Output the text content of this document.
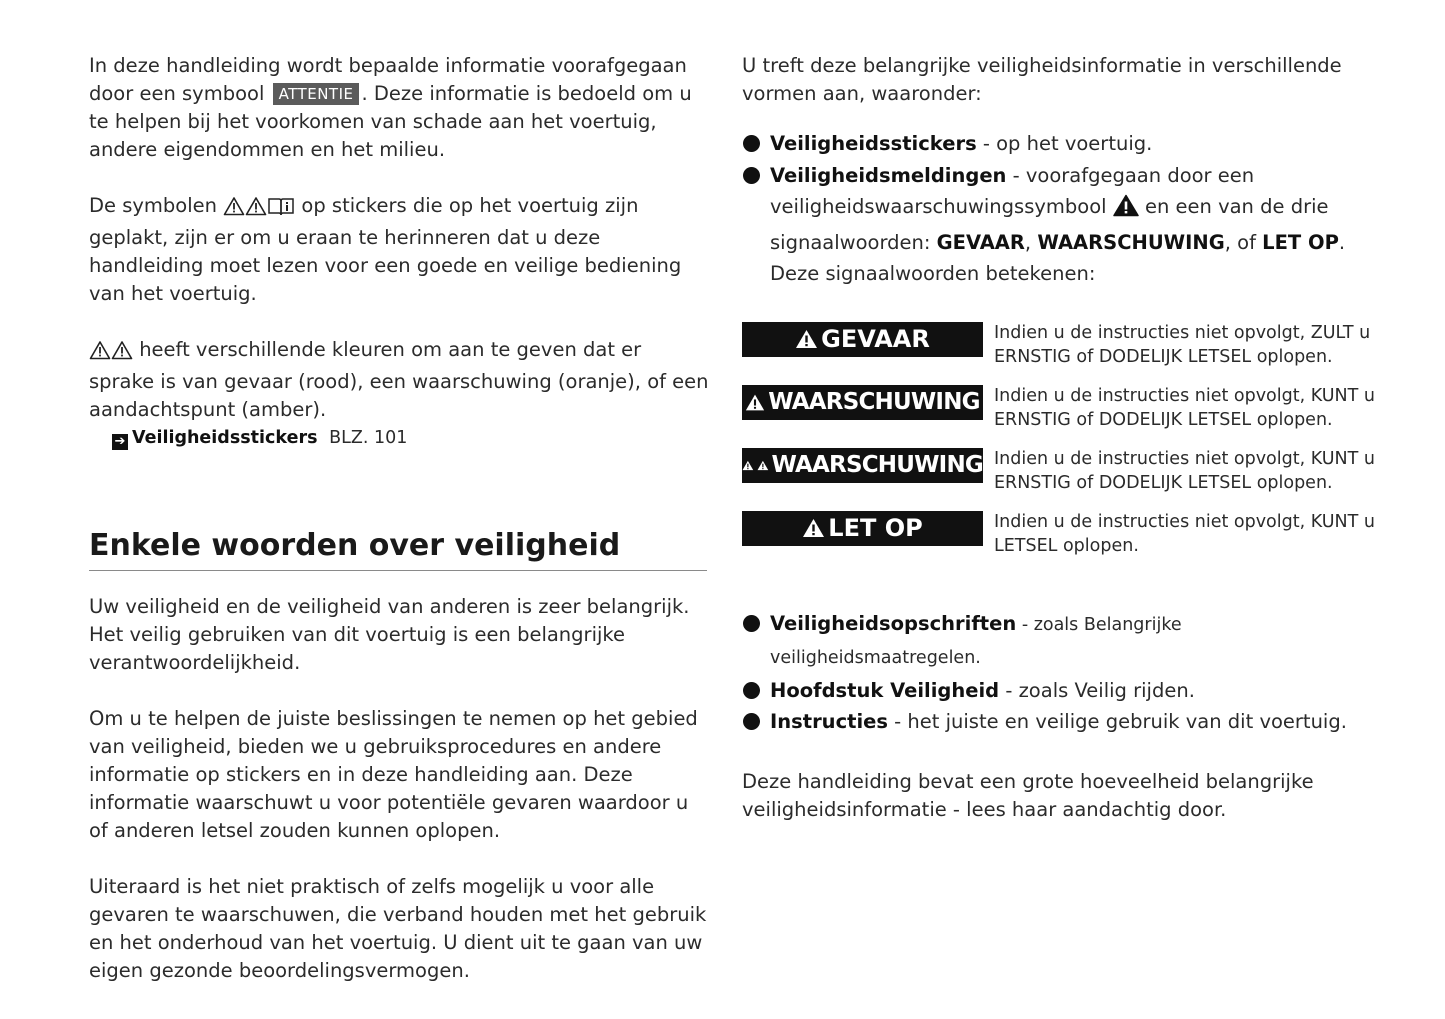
In deze handleiding wordt bepaalde informatie voorafgegaan door een symbool ATTENTIE . Deze informatie is bedoeld om u te helpen bij het voorkomen van schade aan het voertuig, andere eigendommen en het milieu.

De symbolen	op stickers die op het voertuig zijn geplakt, zijn er om u eraan te herinneren dat u deze handleiding moet lezen voor een goede en veilige bediening van het voertuig.

heeft verschillende kleuren om aan te geven dat er sprake is van gevaar (rood), een waarschuwing (oranje), of een aandachtspunt (amber).

➔ Veiligheidsstickers BLZ. 101
Enkele woorden over veiligheid

Uw veiligheid en de veiligheid van anderen is zeer belangrijk. Het veilig gebruiken van dit voertuig is een belangrijke verantwoordelijkheid.

Om u te helpen de juiste beslissingen te nemen op het gebied van veiligheid, bieden we u gebruiksprocedures en andere informatie op stickers en in deze handleiding aan. Deze informatie waarschuwt u voor potentiële gevaren waardoor u of anderen letsel zouden kunnen oplopen.

Uiteraard is het niet praktisch of zelfs mogelijk u voor alle gevaren te waarschuwen, die verband houden met het gebruik en het onderhoud van het voertuig. U dient uit te gaan van uw eigen gezonde beoordelingsvermogen.

U treft deze belangrijke veiligheidsinformatie in verschillende vormen aan, waaronder:

Veiligheidsstickers - op het voertuig.
Veiligheidsmeldingen - voorafgegaan door een veiligheidswaarschuwingssymbool  en een van de drie signaalwoorden: GEVAAR, WAARSCHUWING, of LET OP.
Deze signaalwoorden betekenen:
GEVAAR	Indien u de instructies niet opvolgt, ZULT u ERNSTIG of DODELIJK LETSEL oplopen.
WAARSCHUWING Indien u de instructies niet opvolgt, KUNT u ERNSTIG of DODELIJK LETSEL oplopen.
WAARSCHUWING Indien u de instructies niet opvolgt, KUNT u ERNSTIG of DODELIJK LETSEL oplopen.
LET OP	Indien u de instructies niet opvolgt, KUNT u LETSEL oplopen.
Veiligheidsopschriften - zoals Belangrijke veiligheidsmaatregelen.
Hoofdstuk Veiligheid - zoals Veilig rijden.
Instructies - het juiste en veilige gebruik van dit voertuig.

Deze handleiding bevat een grote hoeveelheid belangrijke veiligheidsinformatie - lees haar aandachtig door.
